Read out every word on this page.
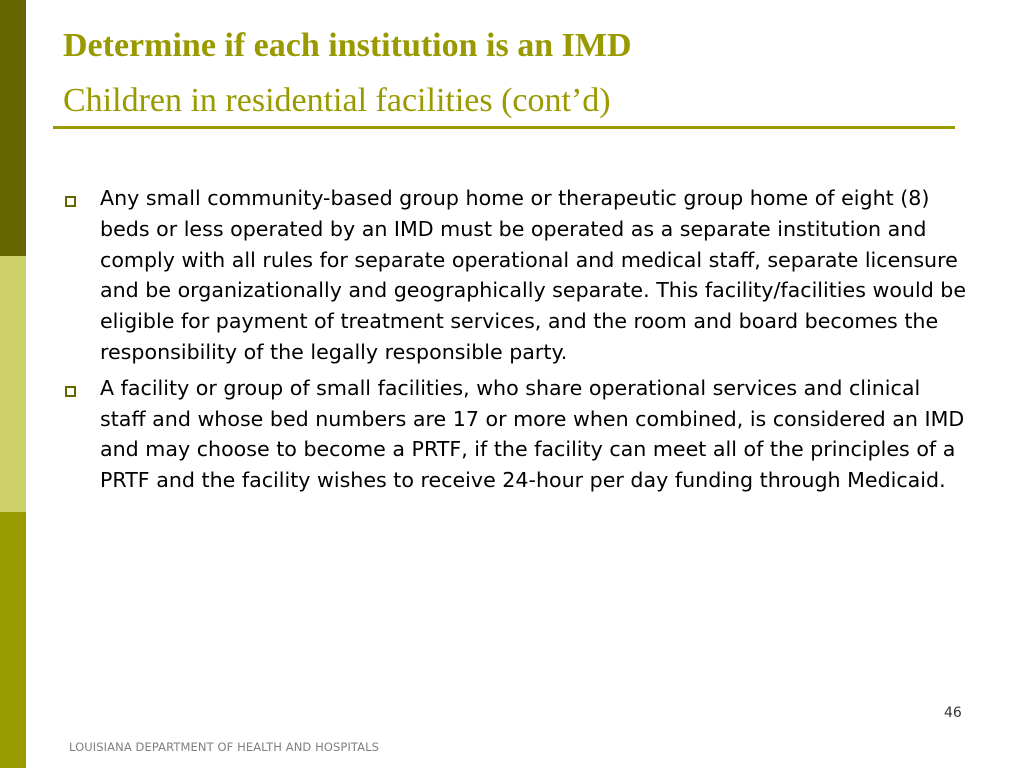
Determine if each institution is an IMD
Children in residential facilities (cont’d)
Any small community-based group home or therapeutic group home of eight (8) beds or less operated by an IMD must be operated as a separate institution and comply with all rules for separate operational and medical staff, separate licensure and be organizationally and geographically separate. This facility/facilities would be eligible for payment of treatment services, and the room and board becomes the responsibility of the legally responsible party.
A facility or group of small facilities, who share operational services and clinical staff and whose bed numbers are 17 or more when combined, is considered an IMD and may choose to become a PRTF, if the facility can meet all of the principles of a PRTF and the facility wishes to receive 24-hour per day funding through Medicaid.
46
LOUISIANA DEPARTMENT OF HEALTH AND HOSPITALS
